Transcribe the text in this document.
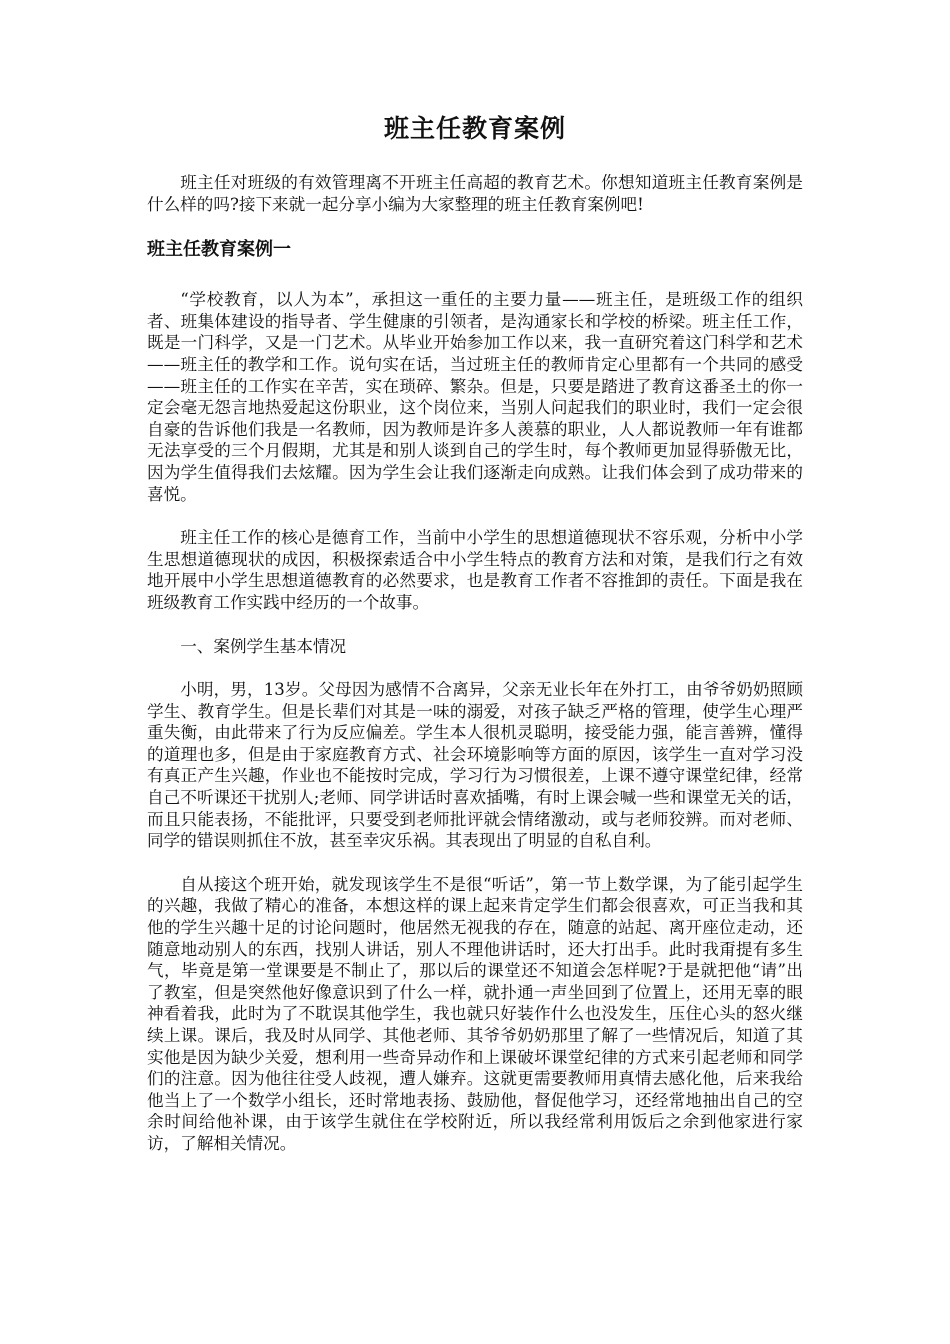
班主任教育案例

班主任对班级的有效管理离不开班主任高超的教育艺术。你想知道班主任教育案例是什么样的吗?接下来就一起分享小编为大家整理的班主任教育案例吧!

班主任教育案例一

“学校教育，以人为本”，承担这一重任的主要力量——班主任，是班级工作的组织者、班集体建设的指导者、学生健康的引领者，是沟通家长和学校的桥梁。班主任工作，既是一门科学，又是一门艺术。从毕业开始参加工作以来，我一直研究着这门科学和艺术——班主任的教学和工作。说句实在话，当过班主任的教师肯定心里都有一个共同的感受——班主任的工作实在辛苦，实在琐碎、繁杂。但是，只要是踏进了教育这番圣土的你一定会毫无怨言地热爱起这份职业，这个岗位来，当别人问起我们的职业时，我们一定会很自豪的告诉他们我是一名教师，因为教师是许多人羡慕的职业，人人都说教师一年有谁都无法享受的三个月假期，尤其是和别人谈到自己的学生时，每个教师更加显得骄傲无比，因为学生值得我们去炫耀。因为学生会让我们逐渐走向成熟。让我们体会到了成功带来的喜悦。

班主任工作的核心是德育工作，当前中小学生的思想道德现状不容乐观，分析中小学生思想道德现状的成因，积极探索适合中小学生特点的教育方法和对策，是我们行之有效地开展中小学生思想道德教育的必然要求，也是教育工作者不容推卸的责任。下面是我在班级教育工作实践中经历的一个故事。

一、案例学生基本情况

小明，男，13岁。父母因为感情不合离异，父亲无业长年在外打工，由爷爷奶奶照顾学生、教育学生。但是长辈们对其是一味的溺爱，对孩子缺乏严格的管理，使学生心理严重失衡，由此带来了行为反应偏差。学生本人很机灵聪明，接受能力强，能言善辨，懂得的道理也多，但是由于家庭教育方式、社会环境影响等方面的原因，该学生一直对学习没有真正产生兴趣，作业也不能按时完成，学习行为习惯很差，上课不遵守课堂纪律，经常自己不听课还干扰别人;老师、同学讲话时喜欢插嘴，有时上课会喊一些和课堂无关的话，而且只能表扬，不能批评，只要受到老师批评就会情绪激动，或与老师狡辨。而对老师、同学的错误则抓住不放，甚至幸灾乐祸。其表现出了明显的自私自利。

自从接这个班开始，就发现该学生不是很“听话”，第一节上数学课，为了能引起学生的兴趣，我做了精心的准备，本想这样的课上起来肯定学生们都会很喜欢，可正当我和其他的学生兴趣十足的讨论问题时，他居然无视我的存在，随意的站起、离开座位走动，还随意地动别人的东西，找别人讲话，别人不理他讲话时，还大打出手。此时我甭提有多生气，毕竟是第一堂课要是不制止了，那以后的课堂还不知道会怎样呢?于是就把他“请”出了教室，但是突然他好像意识到了什么一样，就扑通一声坐回到了位置上，还用无辜的眼神看着我，此时为了不耽误其他学生，我也就只好装作什么也没发生，压住心头的怒火继续上课。课后，我及时从同学、其他老师、其爷爷奶奶那里了解了一些情况后，知道了其实他是因为缺少关爱，想利用一些奇异动作和上课破坏课堂纪律的方式来引起老师和同学们的注意。因为他往往受人歧视，遭人嫌弃。这就更需要教师用真情去感化他，后来我给他当上了一个数学小组长，还时常地表扬、鼓励他，督促他学习，还经常地抽出自己的空余时间给他补课，由于该学生就住在学校附近，所以我经常利用饭后之余到他家进行家访，了解相关情况。
